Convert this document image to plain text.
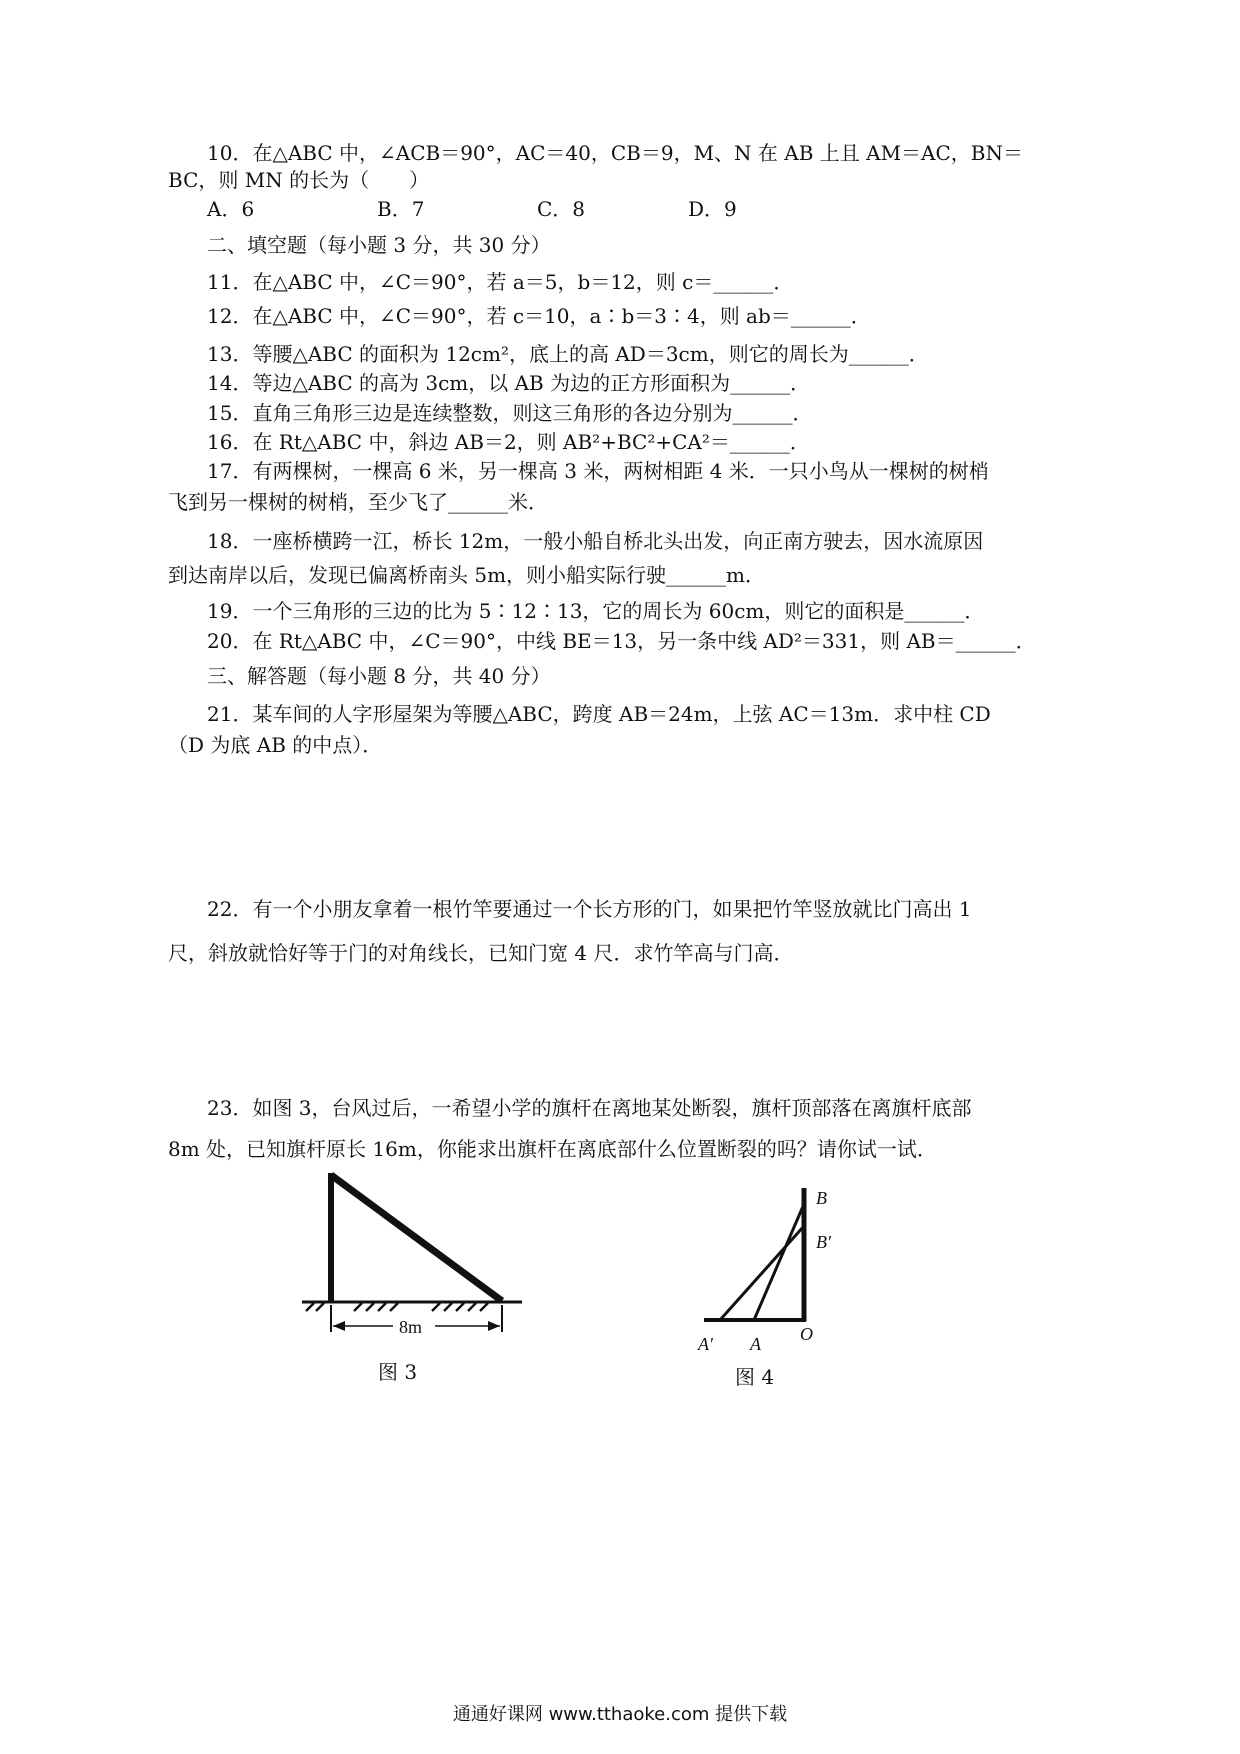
10．在△ABC 中，∠ACB＝90°，AC＝40，CB＝9，M、N 在 AB 上且 AM＝AC，BN＝
BC，则 MN 的长为（　　）
A．6	B．7	C．8	D．9
二、填空题（每小题 3 分，共 30 分）
11．在△ABC 中，∠C＝90°，若 a＝5，b＝12，则 c＝______．
12．在△ABC 中，∠C＝90°，若 c＝10，a∶b＝3∶4，则 ab＝______．
13．等腰△ABC 的面积为 12cm²，底上的高 AD＝3cm，则它的周长为______．
14．等边△ABC 的高为 3cm，以 AB 为边的正方形面积为______．
15．直角三角形三边是连续整数，则这三角形的各边分别为______．
16．在 Rt△ABC 中，斜边 AB＝2，则 AB²+BC²+CA²＝______．
17．有两棵树，一棵高 6 米，另一棵高 3 米，两树相距 4 米．一只小鸟从一棵树的树梢
飞到另一棵树的树梢，至少飞了______米．
18．一座桥横跨一江，桥长 12m，一般小船自桥北头出发，向正南方驶去，因水流原因
到达南岸以后，发现已偏离桥南头 5m，则小船实际行驶______m．
19．一个三角形的三边的比为 5∶12∶13，它的周长为 60cm，则它的面积是______．
20．在 Rt△ABC 中，∠C＝90°，中线 BE＝13，另一条中线 AD²＝331，则 AB＝______．
三、解答题（每小题 8 分，共 40 分）
21．某车间的人字形屋架为等腰△ABC，跨度 AB＝24m，上弦 AC＝13m．求中柱 CD
（D 为底 AB 的中点）．
22．有一个小朋友拿着一根竹竿要通过一个长方形的门，如果把竹竿竖放就比门高出 1
尺，斜放就恰好等于门的对角线长，已知门宽 4 尺．求竹竿高与门高．
23．如图 3，台风过后，一希望小学的旗杆在离地某处断裂，旗杆顶部落在离旗杆底部
8m 处，已知旗杆原长 16m，你能求出旗杆在离底部什么位置断裂的吗？请你试一试．
8m
图 3
B
B′
O
A′ A
图 4
通通好课网 www.tthaoke.com 提供下载
